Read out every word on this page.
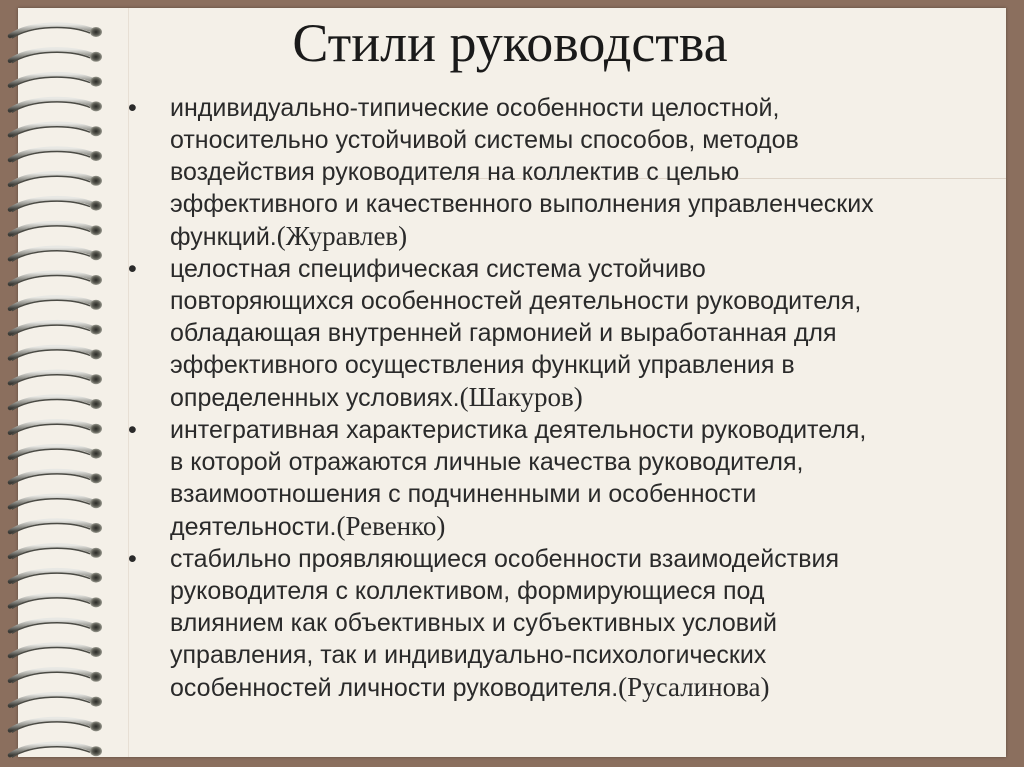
Стили руководства
• индивидуально-типические особенности целостной,
относительно устойчивой системы способов, методов
воздействия руководителя на коллектив с целью
эффективного и качественного выполнения управленческих
функций.(Журавлев)
• целостная специфическая система устойчиво
повторяющихся особенностей деятельности руководителя,
обладающая внутренней гармонией и выработанная для
эффективного осуществления функций управления в
определенных условиях.(Шакуров)
• интегративная характеристика деятельности руководителя,
в которой отражаются личные качества руководителя,
взаимоотношения с подчиненными и особенности
деятельности.(Ревенко)
• стабильно проявляющиеся особенности взаимодействия
руководителя с коллективом, формирующиеся под
влиянием как объективных и субъективных условий
управления, так и индивидуально-психологических
особенностей личности руководителя.(Русалинова)
